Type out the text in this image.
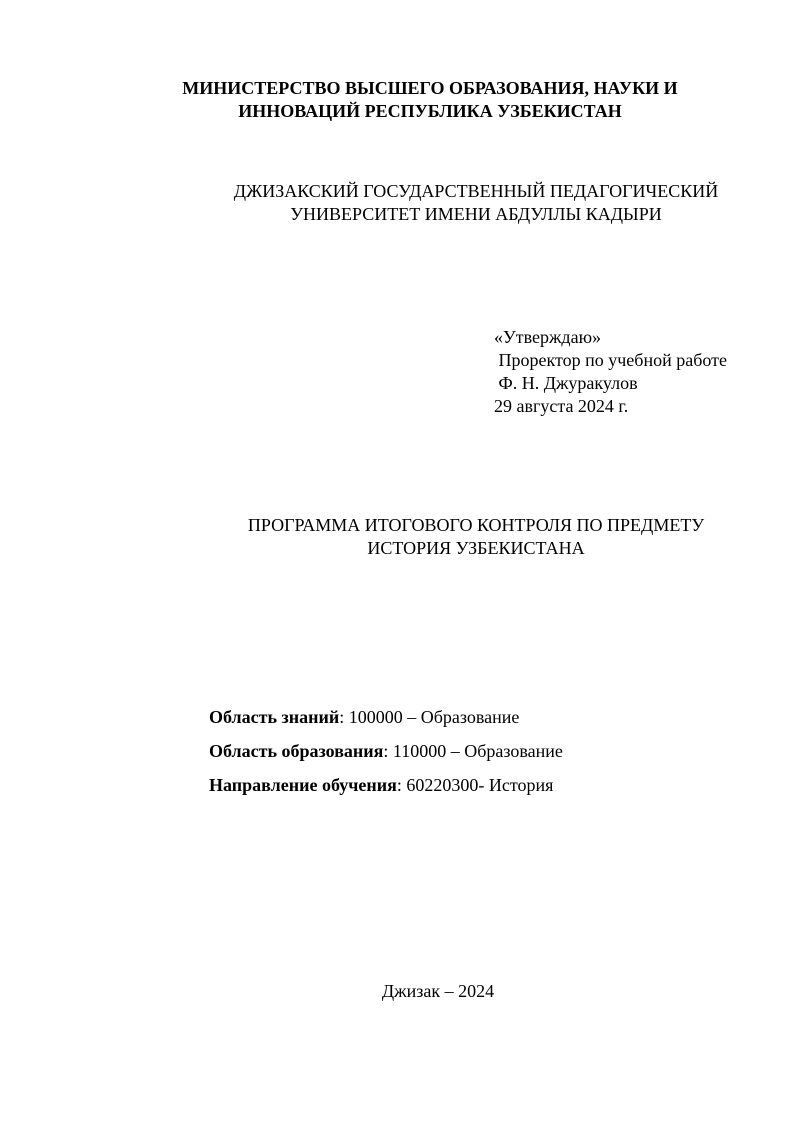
МИНИСТЕРСТВО ВЫСШЕГО ОБРАЗОВАНИЯ, НАУКИ И
ИННОВАЦИЙ РЕСПУБЛИКА УЗБЕКИСТАН
ДЖИЗАКСКИЙ ГОСУДАРСТВЕННЫЙ ПЕДАГОГИЧЕСКИЙ
УНИВЕРСИТЕТ ИМЕНИ АБДУЛЛЫ КАДЫРИ
«Утверждаю»
Проректор по учебной работе
Ф. Н. Джуракулов
29 августа 2024 г.
ПРОГРАММА ИТОГОВОГО КОНТРОЛЯ ПО ПРЕДМЕТУ
ИСТОРИЯ УЗБЕКИСТАНА
Область знаний: 100000 – Образование
Область образования: 110000 – Образование
Направление обучения: 60220300- История
Джизак – 2024
